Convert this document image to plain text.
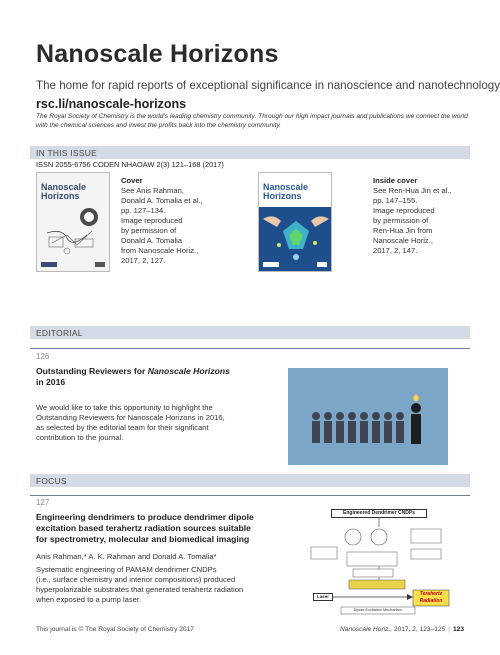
Nanoscale Horizons
The home for rapid reports of exceptional significance in nanoscience and nanotechnology
rsc.li/nanoscale-horizons
The Royal Society of Chemistry is the world's leading chemistry community. Through our high impact journals and publications we connect the world with the chemical sciences and invest the profits back into the chemistry community.
IN THIS ISSUE
ISSN 2055-6756 CODEN NHAOAW 2(3) 121–168 (2017)
Nanoscale Horizons
Cover
See Anis Rahman,
Donald A. Tomalia et al.,
pp. 127–134.
Image reproduced
by permission of
Donald A. Tomalia
from Nanoscale Horiz.,
2017, 2, 127.
Nanoscale Horizons
Inside cover
See Ren-Hua Jin et al.,
pp. 147–155.
Image reproduced
by permission of
Ren-Hua Jin from
Nanoscale Horiz.,
2017, 2, 147.
EDITORIAL
126
Outstanding Reviewers for Nanoscale Horizons
in 2016
We would like to take this opportunity to highlight the
Outstanding Reviewers for Nanoscale Horizons in 2016,
as selected by the editorial team for their significant
contribution to the journal.
FOCUS
127
Engineering dendrimers to produce dendrimer dipole
excitation based terahertz radiation sources suitable
for spectrometry, molecular and biomedical imaging
Anis Rahman,* A. K. Rahman and Donald A. Tomalia*
Systematic engineering of PAMAM dendrimer CNDPs
(i.e., surface chemistry and interior compositions) produced
hyperpolarizable substrates that generated terahertz radiation
when exposed to a pump laser.
Engineered Dendrimer CNDPs
Laser	Terahertz Radiation
Dipole Excitation Mechanism
This journal is © The Royal Society of Chemistry 2017	Nanoscale Horiz., 2017, 2, 123–125 | 123
